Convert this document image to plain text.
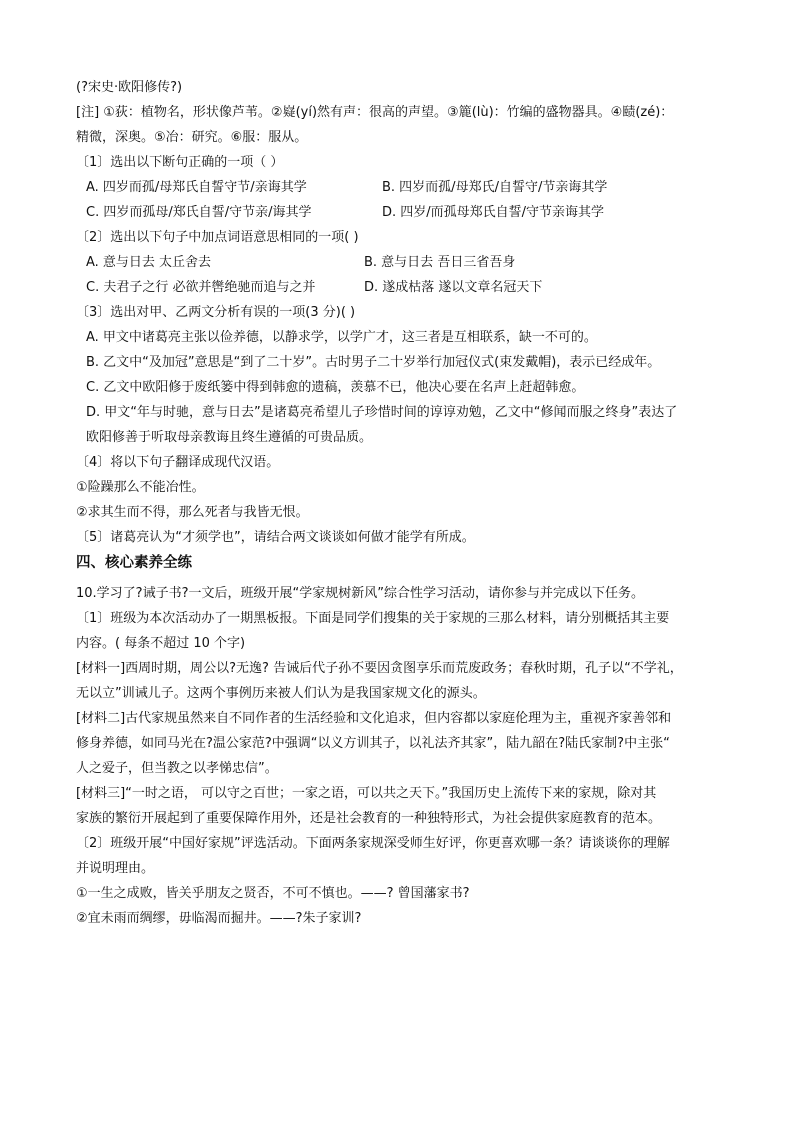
(?宋史·欧阳修传?)
[注] ①荻：植物名，形状像芦苇。②嶷(yí)然有声：很高的声望。③簏(lù)：竹编的盛物器具。④赜(zé)：
精微，深奥。⑤冶：研究。⑥服：服从。
〔1〕选出以下断句正确的一项（ ）
A. 四岁而孤/母郑氏自誓守节/亲诲其学	B. 四岁而孤/母郑氏/自誓守/节亲诲其学
C. 四岁而孤母/郑氏自誓/守节亲/诲其学	D. 四岁/而孤母郑氏自誓/守节亲诲其学
〔2〕选出以下句子中加点词语意思相同的一项( )
A. 意与日去 太丘舍去	B. 意与日去 吾日三省吾身
C. 夫君子之行 必欲并辔绝驰而追与之并	D. 遂成枯落 遂以文章名冠天下
〔3〕选出对甲、乙两文分析有误的一项(3 分)( )
A. 甲文中诸葛亮主张以俭养德，以静求学，以学广才，这三者是互相联系，缺一不可的。
B. 乙文中“及加冠”意思是“到了二十岁”。古时男子二十岁举行加冠仪式(束发戴帽)，表示已经成年。
C. 乙文中欧阳修于废纸篓中得到韩愈的遗稿，羡慕不已，他决心要在名声上赶超韩愈。
D. 甲文“年与时驰，意与日去”是诸葛亮希望儿子珍惜时间的谆谆劝勉，乙文中“修闻而服之终身”表达了
欧阳修善于听取母亲教诲且终生遵循的可贵品质。
〔4〕将以下句子翻译成现代汉语。
①险躁那么不能冶性。
②求其生而不得，那么死者与我皆无恨。
〔5〕诸葛亮认为“才须学也”，请结合两文谈谈如何做才能学有所成。
四、核心素养全练
10.学习了?诫子书?一文后，班级开展“学家规树新风”综合性学习活动，请你参与并完成以下任务。
〔1〕班级为本次活动办了一期黑板报。下面是同学们搜集的关于家规的三那么材料，请分别概括其主要
内容。( 每条不超过 10 个字)
[材料一]西周时期，周公以?无逸? 告诫后代子孙不要因贪图享乐而荒废政务；春秋时期，孔子以“不学礼，
无以立”训诫儿子。这两个事例历来被人们认为是我国家规文化的源头。
[材料二]古代家规虽然来自不同作者的生活经验和文化追求，但内容都以家庭伦理为主，重视齐家善邻和
修身养德，如同马光在?温公家范?中强调“以义方训其子，以礼法齐其家”，陆九韶在?陆氏家制?中主张“
人之爱子，但当教之以孝悌忠信”。
[材料三]“一时之语， 可以守之百世；一家之语，可以共之天下。”我国历史上流传下来的家规，除对其
家族的繁衍开展起到了重要保障作用外，还是社会教育的一种独特形式，为社会提供家庭教育的范本。
〔2〕班级开展“中国好家规”评选活动。下面两条家规深受师生好评，你更喜欢哪一条？请谈谈你的理解
并说明理由。
①一生之成败，皆关乎朋友之贤否，不可不慎也。——? 曾国藩家书?
②宜未雨而绸缪，毋临渴而掘井。——?朱子家训?
